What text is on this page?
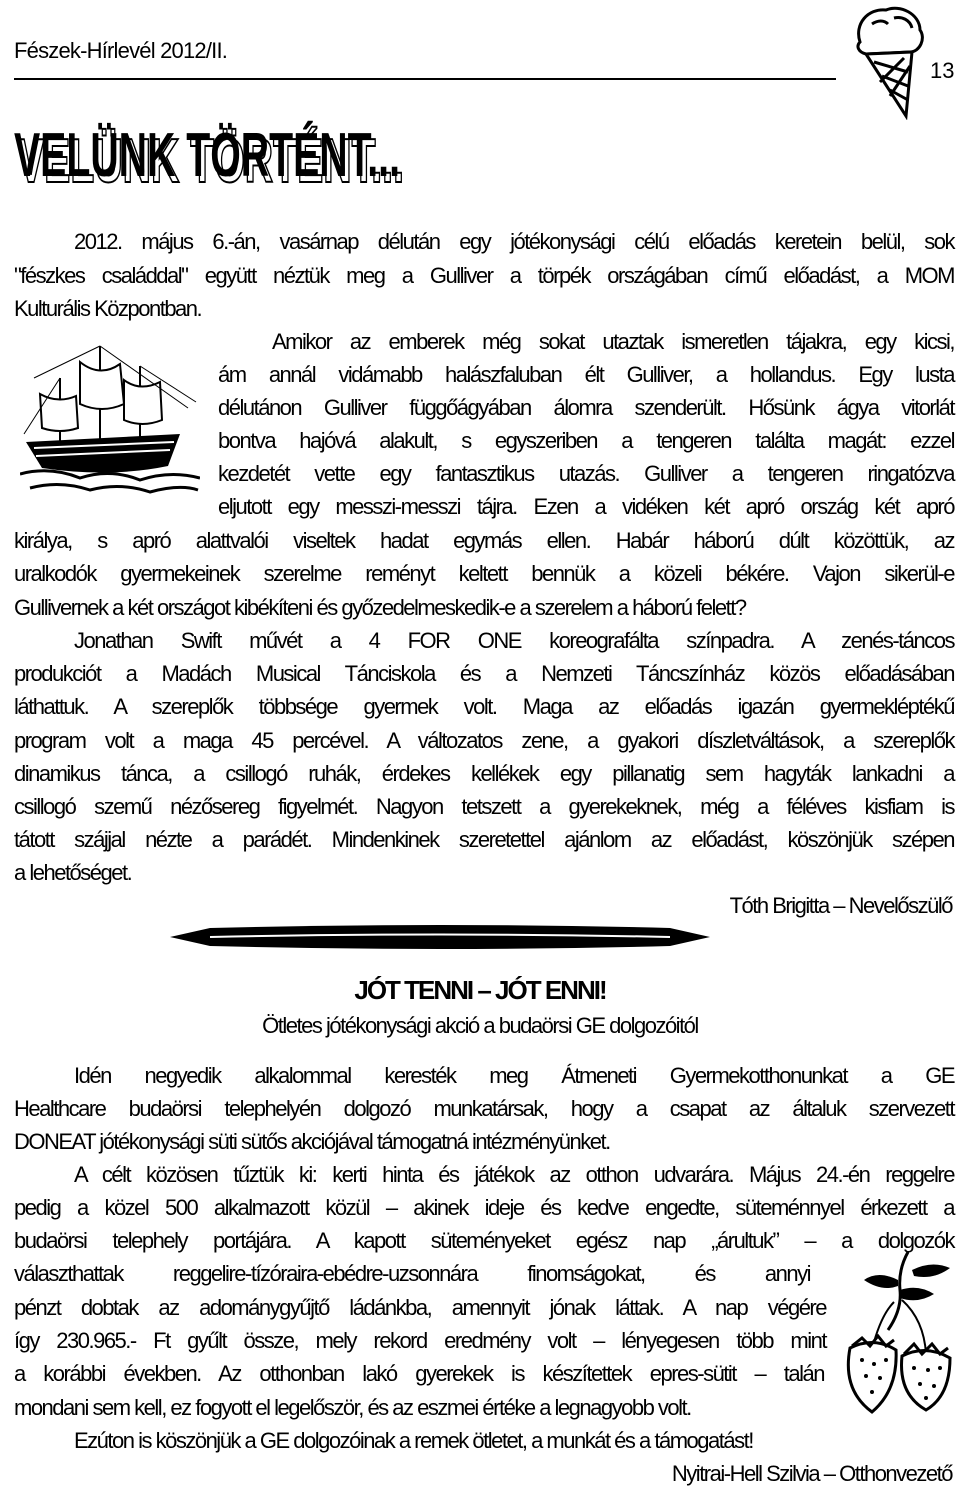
Fészek-Hírlevél 2012/II.
13
VELÜNK TÖRTÉNT...
VELÜNK TÖRTÉNT...
2012. május 6.-án, vasárnap délután egy jótékonysági célú előadás keretein belül, sok
"fészkes családdal" együtt néztük meg a Gulliver a törpék országában című előadást, a MOM
Kulturális Központban.
Amikor az emberek még sokat utaztak ismeretlen tájakra, egy kicsi,
ám annál vidámabb halászfaluban élt Gulliver, a hollandus. Egy lusta
délutánon Gulliver függőágyában álomra szenderült. Hősünk ágya vitorlát
bontva hajóvá alakult, s egyszeriben a tengeren találta magát: ezzel
kezdetét vette egy fantasztikus utazás. Gulliver a tengeren ringatózva
eljutott egy messzi-messzi tájra. Ezen a vidéken két apró ország két apró
királya, s apró alattvalói viseltek hadat egymás ellen. Habár háború dúlt közöttük, az
uralkodók gyermekeinek szerelme reményt keltett bennük a közeli békére. Vajon sikerül-e
Gullivernek a két országot kibékíteni és győzedelmeskedik-e a szerelem a háború felett?
Jonathan Swift művét a 4 FOR ONE koreografálta színpadra. A zenés-táncos
produkciót a Madách Musical Tánciskola és a Nemzeti Táncszínház közös előadásában
láthattuk. A szereplők többsége gyermek volt. Maga az előadás igazán gyermekléptékű
program volt a maga 45 percével. A változatos zene, a gyakori díszletváltások, a szereplők
dinamikus tánca, a csillogó ruhák, érdekes kellékek egy pillanatig sem hagyták lankadni a
csillogó szemű nézősereg figyelmét. Nagyon tetszett a gyerekeknek, még a féléves kisfiam is
tátott szájjal nézte a parádét. Mindenkinek szeretettel ajánlom az előadást, köszönjük szépen
a lehetőséget.
Tóth Brigitta – Nevelőszülő
JÓT TENNI – JÓT ENNI!
Ötletes jótékonysági akció a budaörsi GE dolgozóitól
Idén negyedik alkalommal keresték meg Átmeneti Gyermekotthonunkat a GE
Healthcare budaörsi telephelyén dolgozó munkatársak, hogy a csapat az általuk szervezett
DONEAT jótékonysági süti sütős akciójával támogatná intézményünket.
A célt közösen tűztük ki: kerti hinta és játékok az otthon udvarára. Május 24.-én reggelre
pedig a közel 500 alkalmazott közül – akinek ideje és kedve engedte, süteménnyel érkezett a
budaörsi telephely portájára. A kapott süteményeket egész nap „árultuk” – a dolgozók
választhattak reggelire-tízóraira-ebédre-uzsonnára finomságokat, és annyi
pénzt dobtak az adománygyűjtő ládánkba, amennyit jónak láttak. A nap végére
így 230.965.- Ft gyűlt össze, mely rekord eredmény volt – lényegesen több mint
a korábbi években. Az otthonban lakó gyerekek is készítettek epres-sütit – talán
mondani sem kell, ez fogyott el legelőször, és az eszmei értéke a legnagyobb volt.
Ezúton is köszönjük a GE dolgozóinak a remek ötletet, a munkát és a támogatást!
Nyitrai-Hell Szilvia – Otthonvezető
